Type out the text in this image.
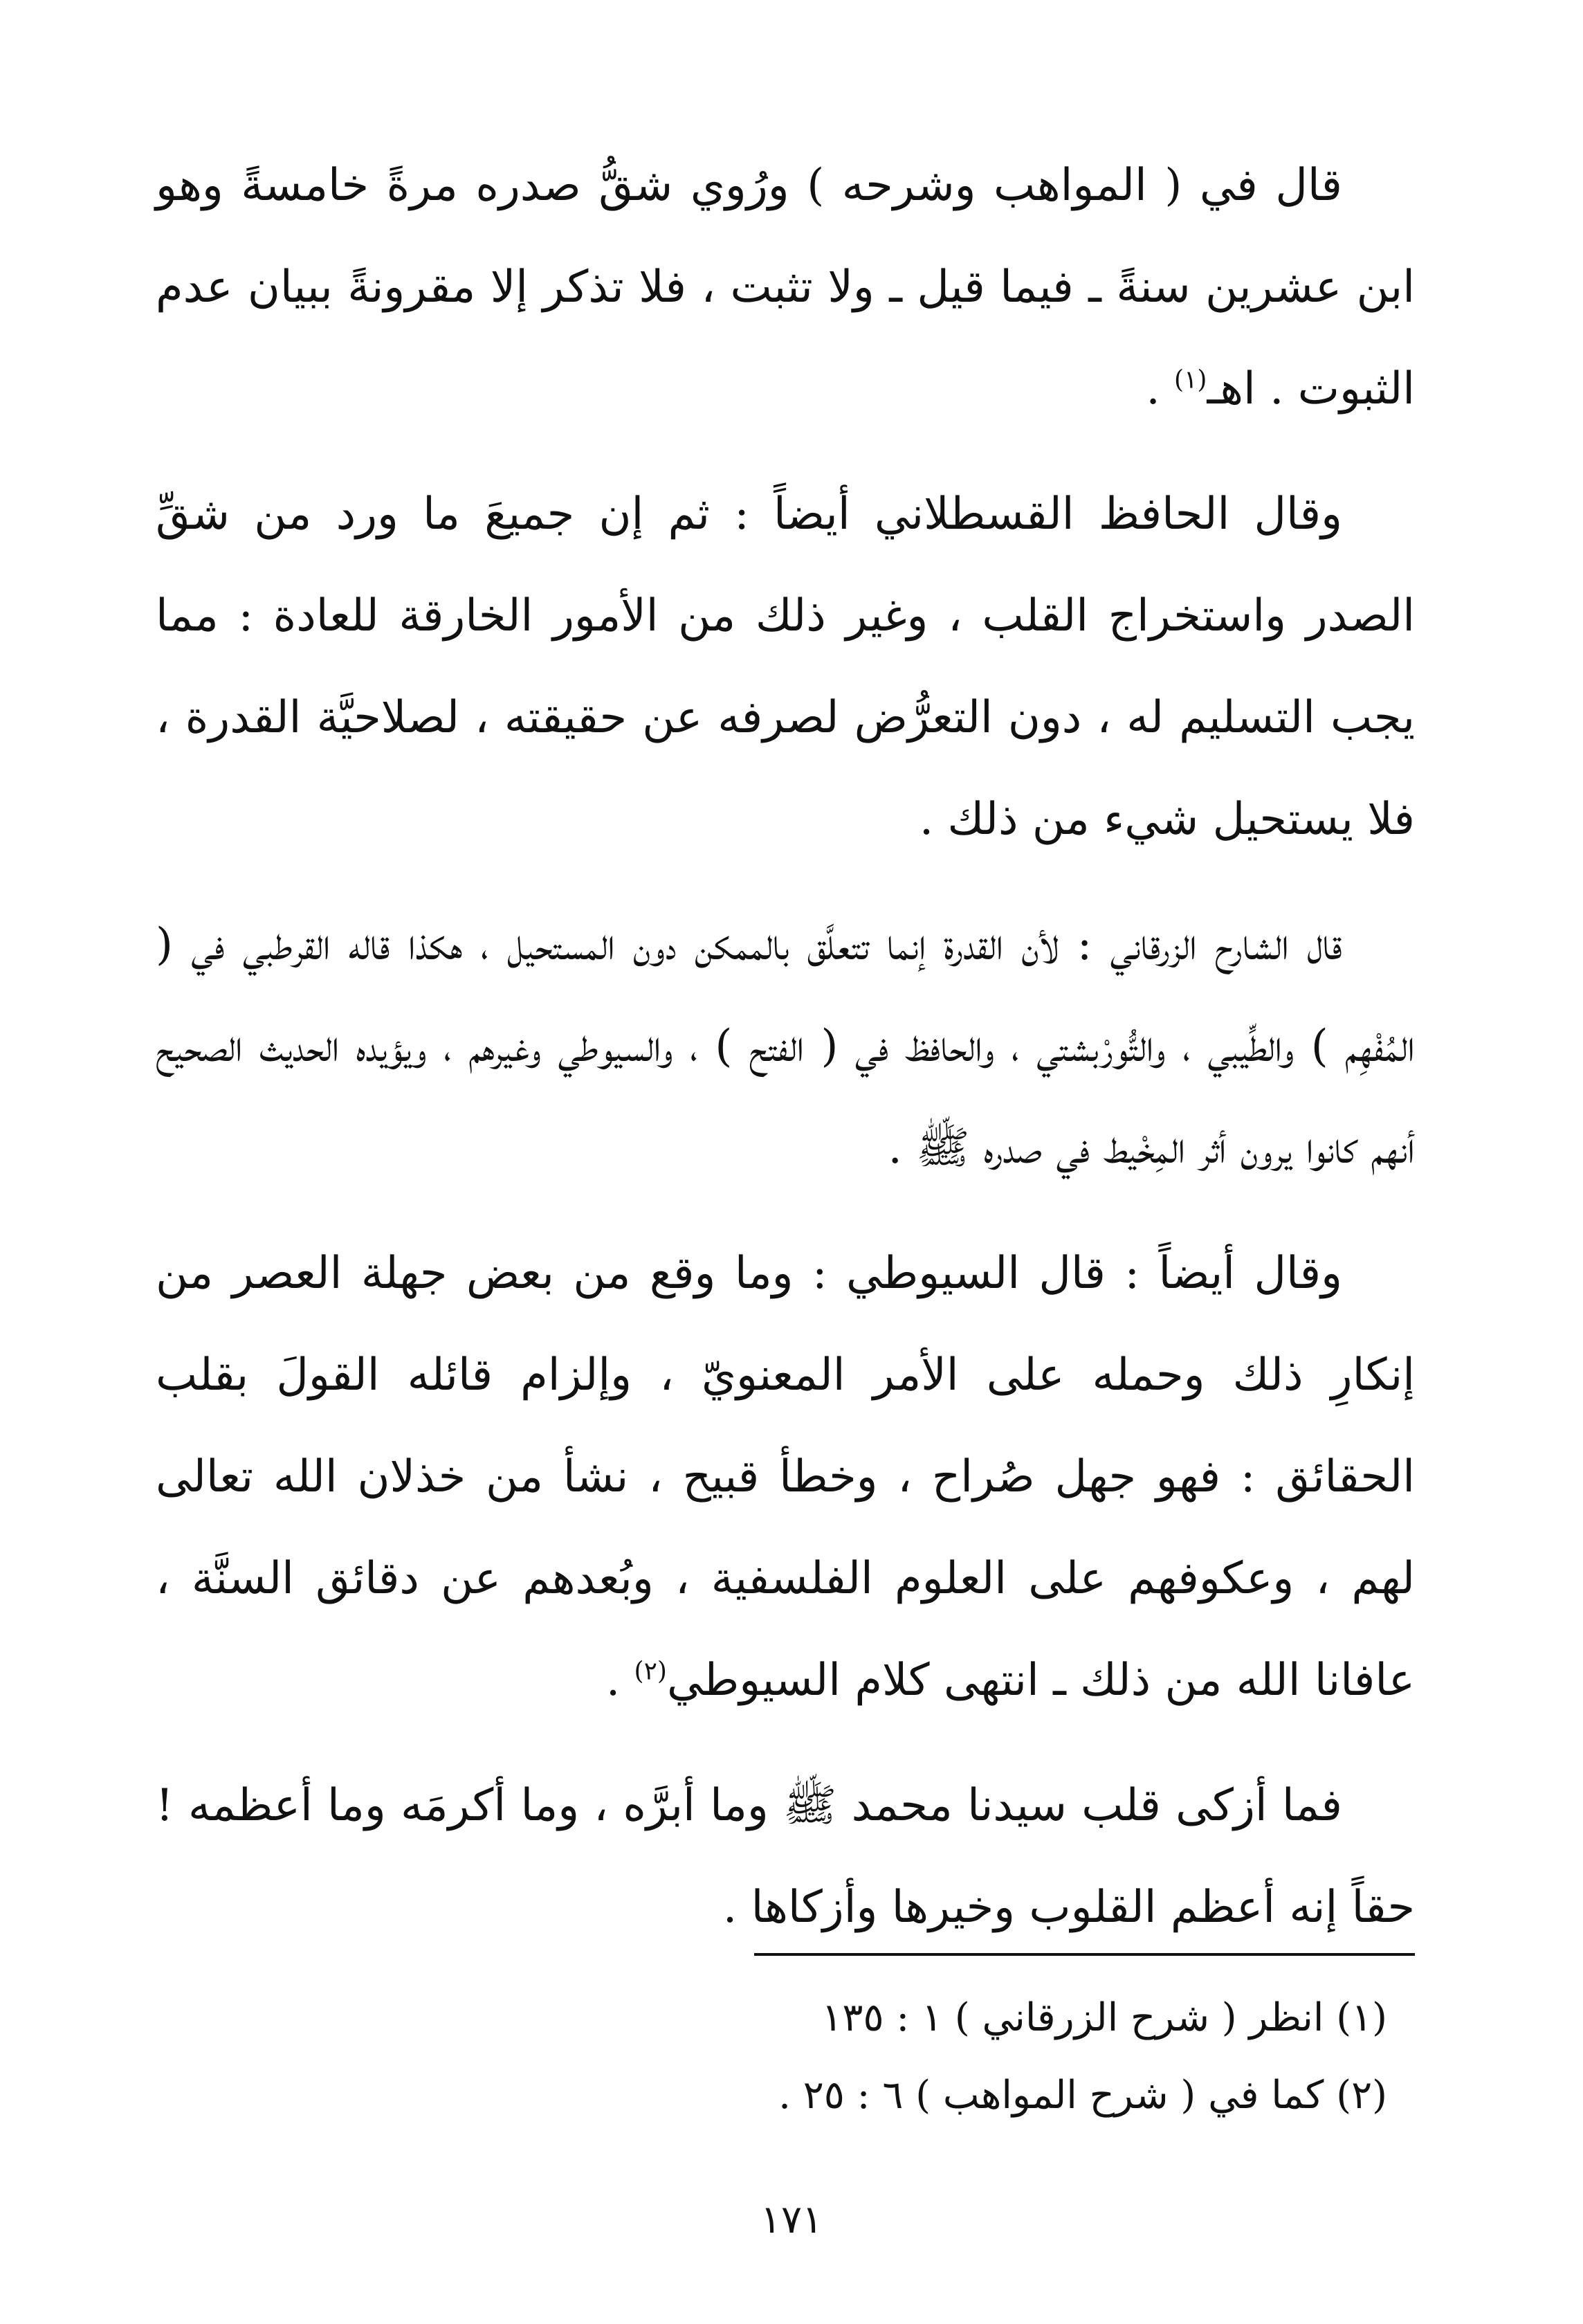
قال في ( المواهب وشرحه ) ورُوي شقُّ صدره مرةً خامسةً وهو ابن عشرين سنةً ـ فيما قيل ـ ولا تثبت ، فلا تذكر إلا مقرونةً ببيان عدم الثبوت . اهـ$^{(١)}$ .

وقال الحافظ القسطلاني أيضاً : ثم إن جميعَ ما ورد من شقِّ الصدر واستخراج القلب ، وغير ذلك من الأمور الخارقة للعادة : مما يجب التسليم له ، دون التعرُّض لصرفه عن حقيقته ، لصلاحيَّة القدرة ، فلا يستحيل شيء من ذلك .

قال الشارح الزرقاني : لأن القدرة إنما تتعلَّق بالممكن دون المستحيل ، هكذا قاله القرطبي في ( المُفْهِم ) والطِّيبي ، والتُّورْبشتي ، والحافظ في ( الفتح ) ، والسيوطي وغيرهم ، ويؤيده الحديث الصحيح أنهم كانوا يرون أثر المِخْيط في صدره ﷺ .

وقال أيضاً : قال السيوطي : وما وقع من بعض جهلة العصر من إنكارِ ذلك وحمله على الأمر المعنويّ ، وإلزام قائله القولَ بقلب الحقائق : فهو جهل صُراح ، وخطأ قبيح ، نشأ من خذلان الله تعالى لهم ، وعكوفهم على العلوم الفلسفية ، وبُعدهم عن دقائق السنَّة ، عافانا الله من ذلك ـ انتهى كلام السيوطي$^{(٢)}$ .

فما أزكى قلب سيدنا محمد ﷺ وما أبرَّه ، وما أكرمَه وما أعظمه ! حقاً إنه أعظم القلوب وخيرها وأزكاها .

(١) انظر ( شرح الزرقاني ) ١ : ١٣٥

(٢) كما في ( شرح المواهب ) ٦ : ٢٥ .

١٧١
